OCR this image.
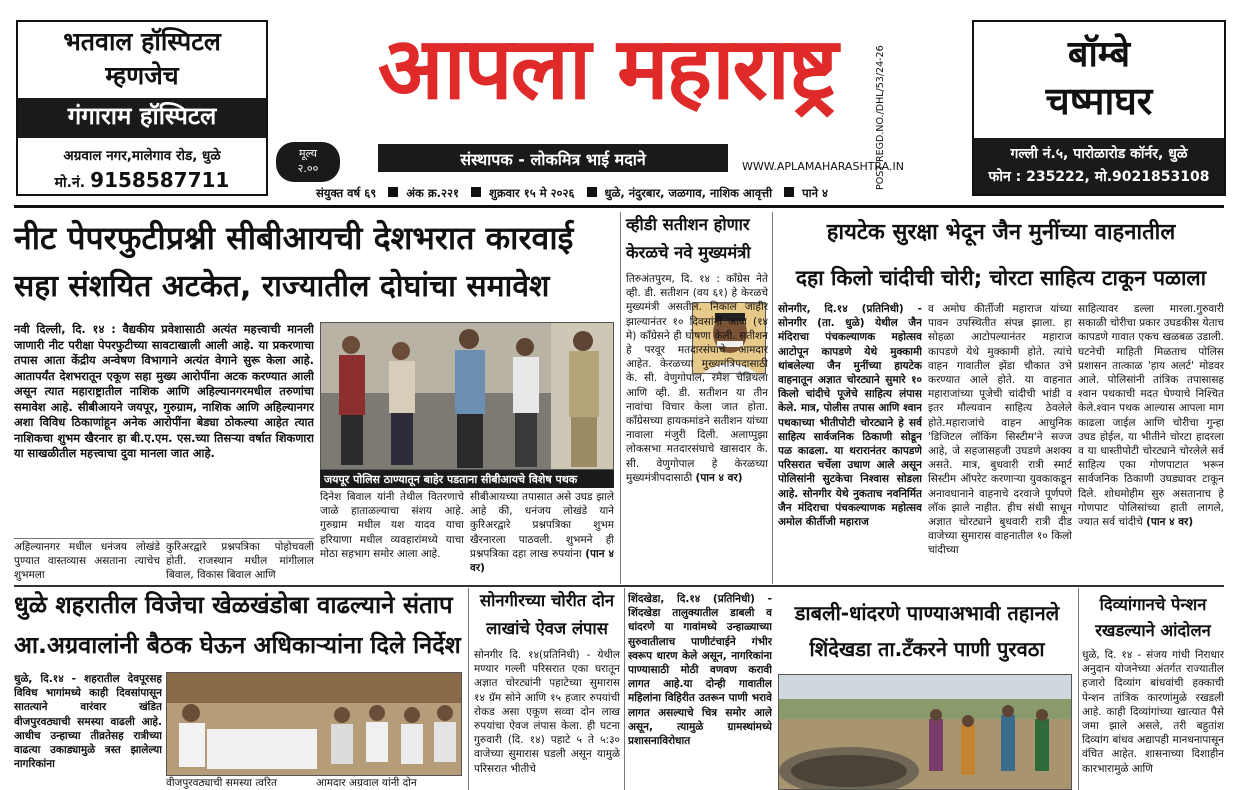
भतवाल हॉस्पिटल
म्हणजेच
गंगाराम हॉस्पिटल
अग्रवाल नगर,मालेगाव रोड, धुळे
मो.नं. 9158587711
आपला महाराष्ट्र
मूल्य
२.००	संस्थापक - लोकमित्र भाई मदाने	WWW.APLAMAHARASHTRA.IN
संयुक्त वर्ष ६९	अंक क्र.२२१	शुक्रवार १५ मे २०२६	धुळे, नंदुरबार, जळगाव, नाशिक आवृत्ती	पाने ४
POST REGD.NO./DHL/53/24-26	बॉम्बे
चष्माघर
गल्ली नं.५, पारोळारोड कॉर्नर, धुळे
फोन : 235222, मो.9021853108
नीट पेपरफुटीप्रश्नी सीबीआयची देशभरात कारवाई
सहा संशयित अटकेत, राज्यातील दोघांचा समावेश
नवी दिल्ली, दि. १४ : वैद्यकीय प्रवेशासाठी अत्यंत महत्त्वाची मानली जाणारी नीट परीक्षा पेपरफुटीच्या सावटाखाली आली आहे. या प्रकरणाचा तपास आता केंद्रीय अन्वेषण विभागाने अत्यंत वेगाने सुरू केला आहे. आतापर्यंत देशभरातून एकूण सहा मुख्य आरोपींना अटक करण्यात आली असून त्यात महाराष्ट्रातील नाशिक आणि अहिल्यानगरमधील तरुणांचा समावेश आहे. सीबीआयने जयपूर, गुरुग्राम, नाशिक आणि अहिल्यानगर अशा विविध ठिकाणांहून अनेक आरोपींना बेड्या ठोकल्या आहेत त्यात नाशिकचा शुभम खैरनार हा बी.ए.एम. एस.च्या तिसऱ्या वर्षात शिकणारा या साखळीतील महत्त्वाचा दुवा मानला जात आहे.
जयपूर पोलिस ठाण्यातून बाहेर पडताना सीबीआयचे विशेष पथक
दिनेश बिवाल यांनी तेथील वितरणाचे जाळे हाताळल्याचा संशय आहे. गुरुग्राम मधील यश यादव याचा हरियाणा मधील व्यवहारांमध्ये याचा मोठा सहभाग समोर आला आहे.
सीबीआयच्या तपासात असे उघड झाले आहे की, धनंजय लोखंडे याने कुरिअरद्वारे प्रश्नपत्रिका शुभम खैरनारला पाठवली. शुभमने ही प्रश्नपत्रिका दहा लाख रुपयांना (पान ४ वर)
अहिल्यानगर मधील धनंजय लोखंडे पुण्यात वास्तव्यास असताना त्याचेच शुभमला
कुरिअरद्वारे प्रश्नपत्रिका पोहोचवली होती. राजस्थान मधील मांगीलाल बिवाल, विकास बिवाल आणि
व्हीडी सतीशन होणार
केरळचे नवे मुख्यमंत्री
तिरुअंतपुरम, दि. १४ : काँग्रेस नेते व्ही. डी. सतीशन (वय ६१) हे केरळचे मुख्यमंत्री असतील. निकाल जाहीर झाल्यानंतर १० दिवसांनी आज (१४ मे) काँग्रेसने ही घोषणा केली. सतीशन हे परवूर मतदारसंघाचे आमदार आहेत. केरळच्या मुख्यमंत्रिपदासाठी के. सी. वेणुगोपाल, रमेश चेन्निथला आणि व्ही. डी. सतीशन या तीन नावांचा विचार केला जात होता. काँग्रेसच्या हायकमांडने सतीशन यांच्या नावाला मंजुरी दिली. अलाप्पुझा लोकसभा मतदारसंघाचे खासदार के. सी. वेणुगोपाल हे केरळच्या मुख्यमंत्रीपदासाठी (पान ४ वर)
हायटेक सुरक्षा भेदून जैन मुनींच्या वाहनातील
दहा किलो चांदीची चोरी; चोरटा साहित्य टाकून पळाला
सोनगीर, दि.१४ (प्रतिनिधी) - सोनगीर (ता. धुळे) येथील जैन मंदिराचा पंचकल्याणक महोत्सव आटोपून कापडणे येथे मुक्कामी थांबलेल्या जैन मुनींच्या हायटेक वाहनातून अज्ञात चोरट्याने सुमारे १० किलो चांदीचे पूजेचे साहित्य लंपास केले. मात्र, पोलीस तपास आणि श्वान पथकाच्या भीतीपोटी चोरट्याने हे सर्व साहित्य सार्वजनिक ठिकाणी सोडून पळ काढला. या थरारानंतर कापडणे परिसरात चर्चेला उधाण आले असून पोलिसांनी सुटकेचा निश्वास सोडला आहे. सोनगीर येथे नुकताच नवनिर्मित जैन मंदिराचा पंचकल्याणक महोत्सव अमोल कीर्तीजी महाराज
व अमोघ कीर्तीजी महाराज यांच्या पावन उपस्थितीत संपन्न झाला. हा सोहळा आटोपल्यानंतर महाराज कापडणे येथे मुक्कामी होते. त्यांचे वाहन गावातील झेंडा चौकात उभे करण्यात आले होते. या वाहनात महाराजांच्या पूजेची चांदीची भांडी व इतर मौल्यवान साहित्य ठेवलेले होते.महाराजांचे वाहन आधुनिक 'डिजिटल लॉकिंग सिस्टीम'ने सज्ज आहे, जे सहजासहजी उघडणे अशक्य असते. मात्र, बुधवारी रात्री स्मार्ट सिस्टीम ऑपरेट करणाऱ्या युवकाकडून अनावधानाने वाहनाचे दरवाजे पूर्णपणे लॉक झाले नाहीत. हीच संधी साधून अज्ञात चोरट्याने बुधवारी रात्री दीड वाजेच्या सुमारास वाहनातील १० किलो चांदीच्या
साहित्यावर डल्ला मारला.गुरुवारी सकाळी चोरीचा प्रकार उघडकीस येताच कापडणे गावात एकच खळबळ उडाली. घटनेची माहिती मिळताच पोलिस प्रशासन तात्काळ 'हाय अलर्ट' मोडवर आले. पोलिसांनी तांत्रिक तपासासह श्वान पथकाची मदत घेण्याचे निश्चित केले.श्वान पथक आल्यास आपला माग काढला जाईल आणि चोरीचा गुन्हा उघड होईल, या भीतीने चोरटा हादरला व या धास्तीपोटी चोरट्याने चोरलेले सर्व साहित्य एका गोणपाटात भरून सार्वजनिक ठिकाणी उघड्यावर टाकून दिले. शोधमोहीम सुरु असतानाच हे गोणपाट पोलिसांच्या हाती लागले, ज्यात सर्व चांदीचे (पान ४ वर)
धुळे शहरातील विजेचा खेळखंडोबा वाढल्याने संताप
आ.अग्रवालांनी बैठक घेऊन अधिकाऱ्यांना दिले निर्देश
धुळे, दि.१४ - शहरातील देवपूरसह विविध भागांमध्ये काही दिवसांपासून सातत्याने वारंवार खंडित वीजपुरवठ्याची समस्या वाढली आहे. आधीच उन्हाच्या तीव्रतेसह रात्रीच्या वाढत्या उकाड्यामुळे त्रस्त झालेल्या नागरिकांना
वीजपुरवठ्याची समस्या त्वरित	आमदार अग्रवाल यांनी दोन
सोनगीरच्या चोरीत दोन
लाखांचे ऐवज लंपास
सोनगीर दि. १४(प्रतिनिधी) - येथील मण्यार गल्ली परिसरात एका घरातून अज्ञात चोरट्यांनी पहाटेच्या सुमारास १४ ग्रॅम सोने आणि १५ हजार रुपयांची रोकड असा एकूण सव्वा दोन लाख रुपयांचा ऐवज लंपास केला. ही घटना गुरुवारी (दि. १४) पहाटे ५ ते ५:३० वाजेच्या सुमारास घडली असून यामुळे परिसरात भीतीचे
शिंदखेडा, दि.१४ (प्रतिनिधी) - शिंदखेडा तालुक्यातील डाबली व धांदरणे या गावांमध्ये उन्हाळ्याच्या सुरुवातीलाच पाणीटंचाईने गंभीर स्वरूप धारण केले असून, नागरिकांना पाण्यासाठी मोठी वणवण करावी लागत आहे.या दोन्ही गावातील महिलांना विहिरीत उतरून पाणी भरावे लागत असल्याचे चित्र समोर आले असून, त्यामुळे ग्रामस्थांमध्ये प्रशासनाविरोधात
डाबली-धांदरणे पाण्याअभावी तहानले
शिंदेखडा ता.टँकरने पाणी पुरवठा
दिव्यांगानचे पेन्शन
रखडल्याने आंदोलन
धुळे, दि. १४ - संजय गांधी निराधार अनुदान योजनेच्या अंतर्गत राज्यातील हजारो दिव्यांग बांधवांची हक्काची पेन्शन तांत्रिक कारणांमुळे रखडली आहे. काही दिव्यांगांच्या खात्यात पैसे जमा झाले असले, तरी बहुतांश दिव्यांग बांधव अद्यापही मानधनापासून वंचित आहेत. शासनाच्या दिशाहीन कारभारामुळे आणि
